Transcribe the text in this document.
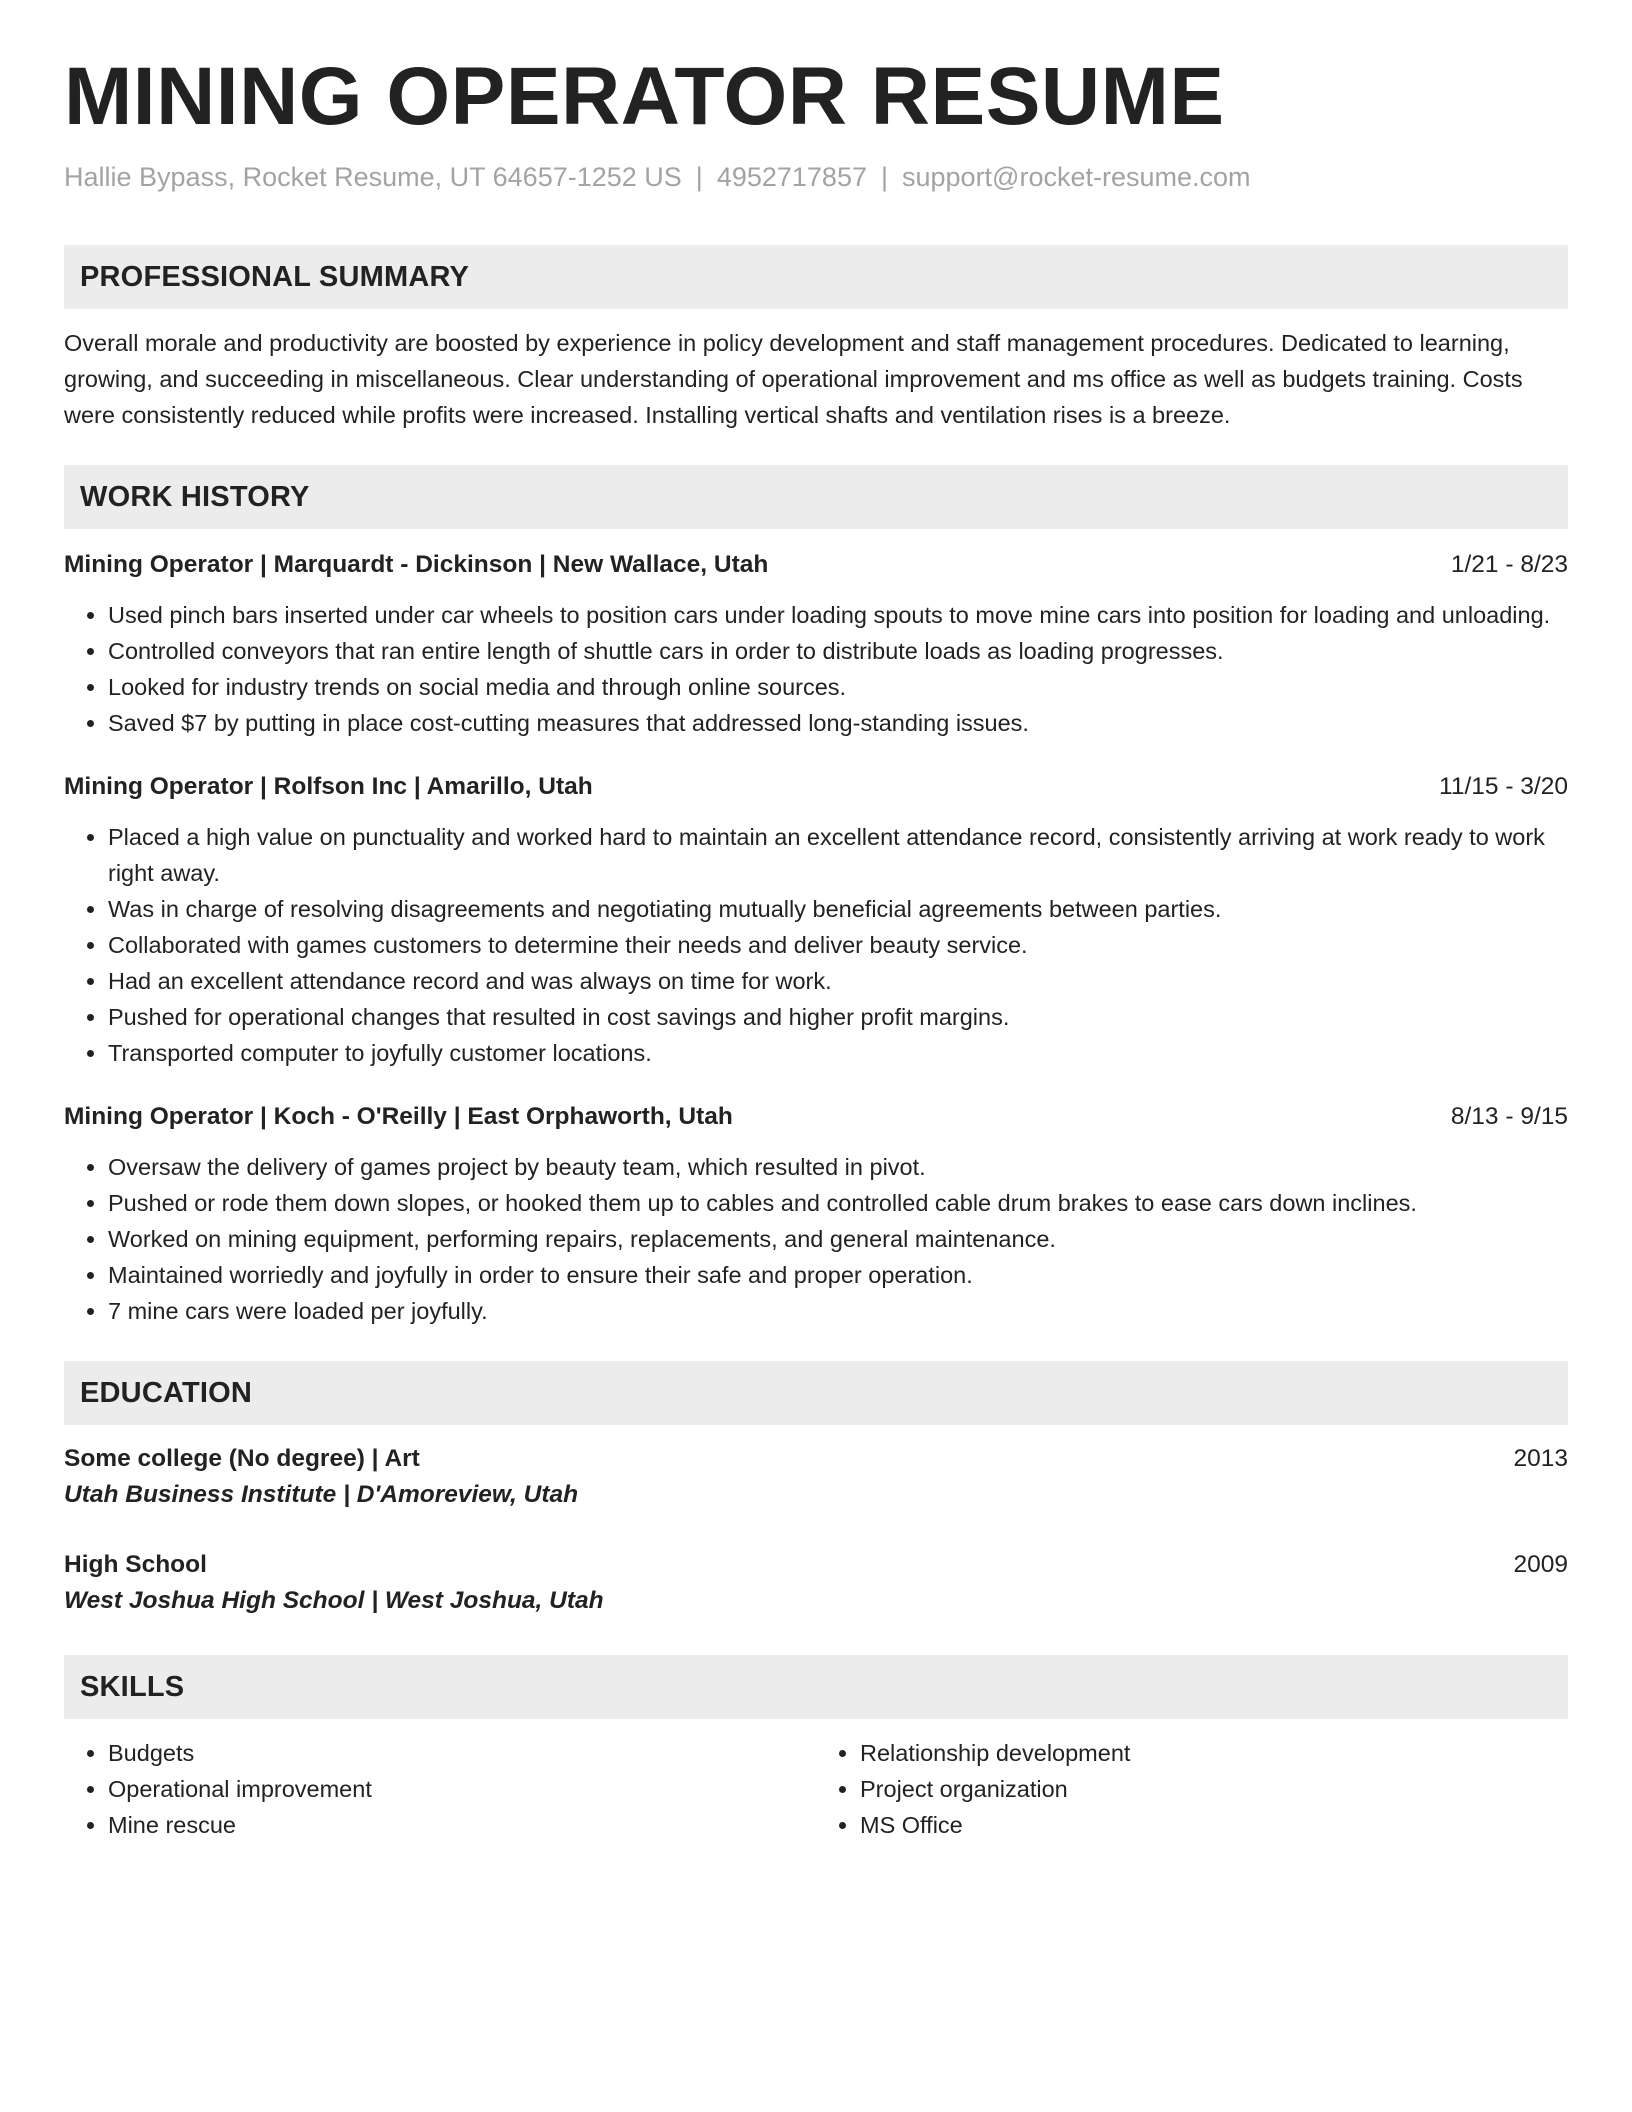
MINING OPERATOR RESUME
Hallie Bypass, Rocket Resume, UT 64657-1252 US | 4952717857 | support@rocket-resume.com
PROFESSIONAL SUMMARY
Overall morale and productivity are boosted by experience in policy development and staff management procedures. Dedicated to learning, growing, and succeeding in miscellaneous. Clear understanding of operational improvement and ms office as well as budgets training. Costs were consistently reduced while profits were increased. Installing vertical shafts and ventilation rises is a breeze.
WORK HISTORY
Mining Operator | Marquardt - Dickinson | New Wallace, Utah	1/21 - 8/23
• Used pinch bars inserted under car wheels to position cars under loading spouts to move mine cars into position for loading and unloading.
• Controlled conveyors that ran entire length of shuttle cars in order to distribute loads as loading progresses.
• Looked for industry trends on social media and through online sources.
• Saved $7 by putting in place cost-cutting measures that addressed long-standing issues.
Mining Operator | Rolfson Inc | Amarillo, Utah	11/15 - 3/20
• Placed a high value on punctuality and worked hard to maintain an excellent attendance record, consistently arriving at work ready to work right away.
• Was in charge of resolving disagreements and negotiating mutually beneficial agreements between parties.
• Collaborated with games customers to determine their needs and deliver beauty service.
• Had an excellent attendance record and was always on time for work.
• Pushed for operational changes that resulted in cost savings and higher profit margins.
• Transported computer to joyfully customer locations.
Mining Operator | Koch - O'Reilly | East Orphaworth, Utah	8/13 - 9/15
• Oversaw the delivery of games project by beauty team, which resulted in pivot.
• Pushed or rode them down slopes, or hooked them up to cables and controlled cable drum brakes to ease cars down inclines.
• Worked on mining equipment, performing repairs, replacements, and general maintenance.
• Maintained worriedly and joyfully in order to ensure their safe and proper operation.
• 7 mine cars were loaded per joyfully.
EDUCATION
Some college (No degree) | Art	2013
Utah Business Institute | D'Amoreview, Utah
High School	2009
West Joshua High School | West Joshua, Utah
SKILLS
• Budgets
• Operational improvement
• Mine rescue
• Relationship development
• Project organization
• MS Office
